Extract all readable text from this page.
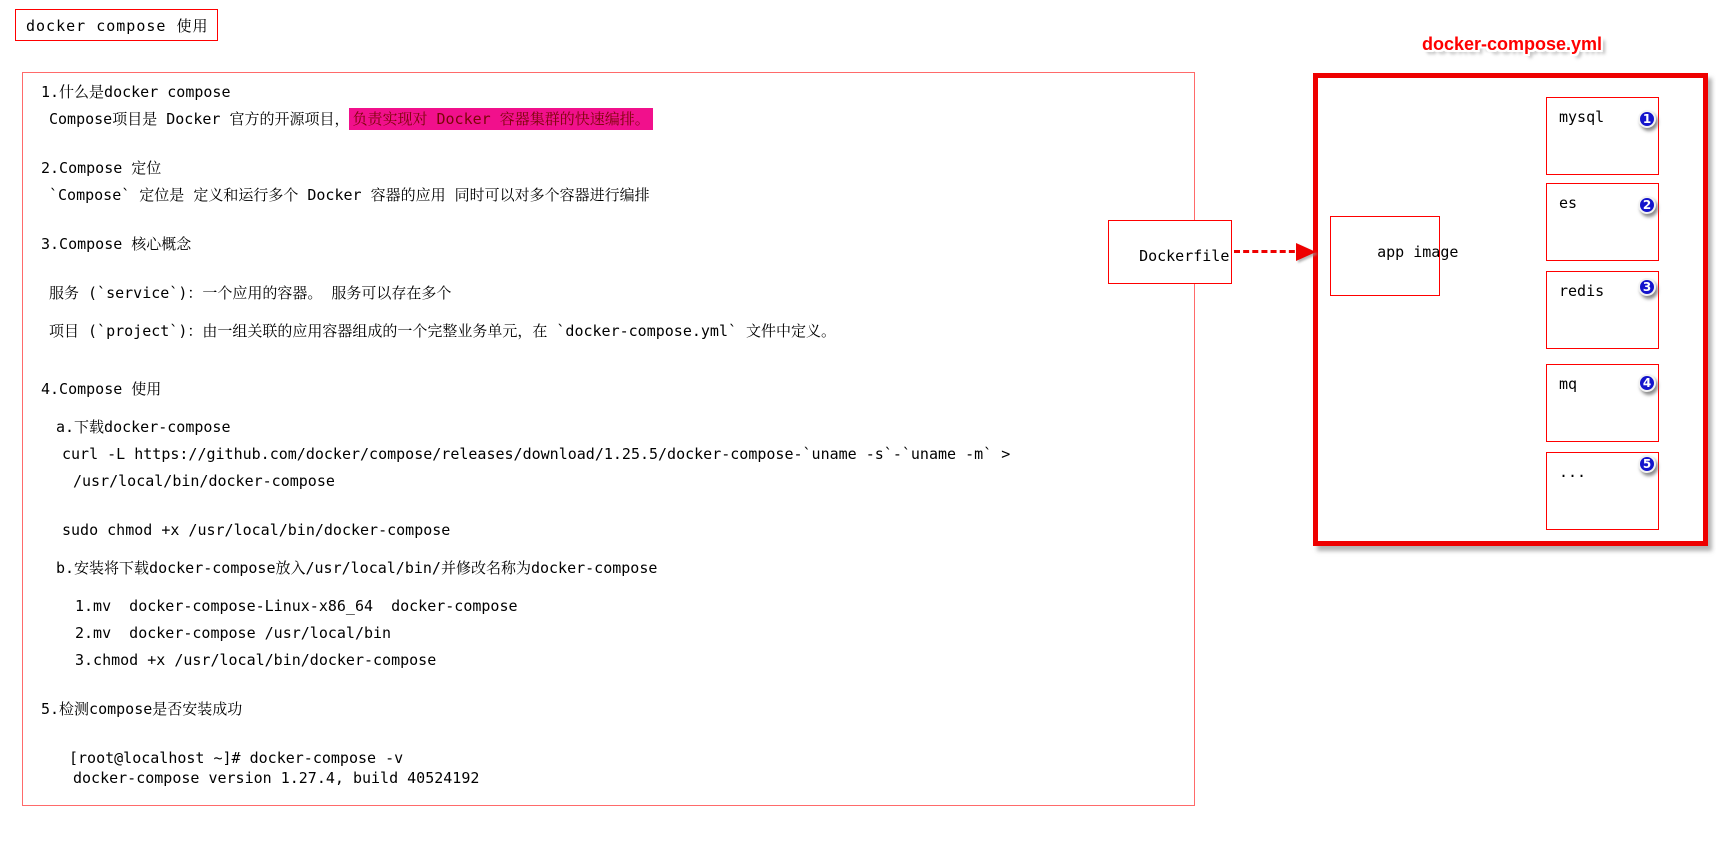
docker compose 使用
1.什么是docker compose
Compose项目是 Docker 官方的开源项目， 负责实现对 Docker 容器集群的快速编排。
2.Compose 定位
`Compose` 定位是 定义和运行多个 Docker 容器的应用 同时可以对多个容器进行编排
3.Compose 核心概念
服务 (`service`)：一个应用的容器。 服务可以存在多个
项目 (`project`)：由一组关联的应用容器组成的一个完整业务单元，在 `docker-compose.yml` 文件中定义。
4.Compose 使用
a.下载docker-compose
curl -L https://github.com/docker/compose/releases/download/1.25.5/docker-compose-`uname -s`-`uname -m` >
/usr/local/bin/docker-compose
sudo chmod +x /usr/local/bin/docker-compose
b.安装将下载docker-compose放入/usr/local/bin/并修改名称为docker-compose
1.mv  docker-compose-Linux-x86_64  docker-compose
2.mv  docker-compose /usr/local/bin
3.chmod +x /usr/local/bin/docker-compose
5.检测compose是否安装成功
[root@localhost ~]# docker-compose -v
docker-compose version 1.27.4, build 40524192

Dockerfile

docker-compose.yml

app image

mysql	1
es	2
redis	3
mq	4
...	5
